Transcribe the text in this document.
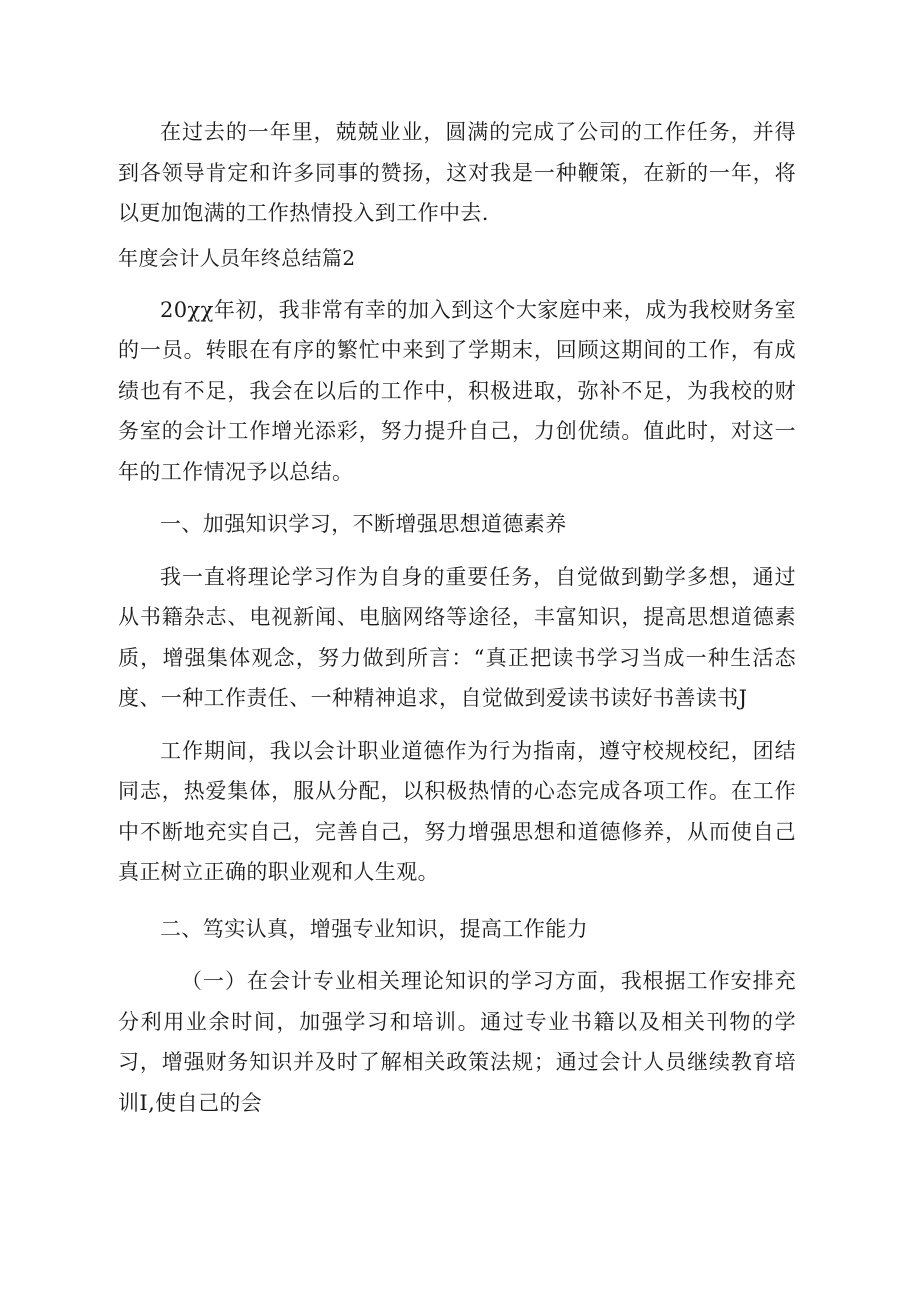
在过去的一年里，兢兢业业，圆满的完成了公司的工作任务，并得到各领导肯定和许多同事的赞扬，这对我是一种鞭策，在新的一年，将以更加饱满的工作热情投入到工作中去.

年度会计人员年终总结篇2

20χχ年初，我非常有幸的加入到这个大家庭中来，成为我校财务室的一员。转眼在有序的繁忙中来到了学期末，回顾这期间的工作，有成绩也有不足，我会在以后的工作中，积极进取，弥补不足，为我校的财务室的会计工作增光添彩，努力提升自己，力创优绩。值此时，对这一年的工作情况予以总结。

一、加强知识学习，不断增强思想道德素养

我一直将理论学习作为自身的重要任务，自觉做到勤学多想，通过从书籍杂志、电视新闻、电脑网络等途径，丰富知识，提高思想道德素质，增强集体观念，努力做到所言：“真正把读书学习当成一种生活态度、一种工作责任、一种精神追求，自觉做到爱读书读好书善读书J

工作期间，我以会计职业道德作为行为指南，遵守校规校纪，团结同志，热爱集体，服从分配，以积极热情的心态完成各项工作。在工作中不断地充实自己，完善自己，努力增强思想和道德修养，从而使自己真正树立正确的职业观和人生观。

二、笃实认真，增强专业知识，提高工作能力

（一）在会计专业相关理论知识的学习方面，我根据工作安排充分利用业余时间，加强学习和培训。通过专业书籍以及相关刊物的学习，增强财务知识并及时了解相关政策法规；通过会计人员继续教育培训I,使自己的会
